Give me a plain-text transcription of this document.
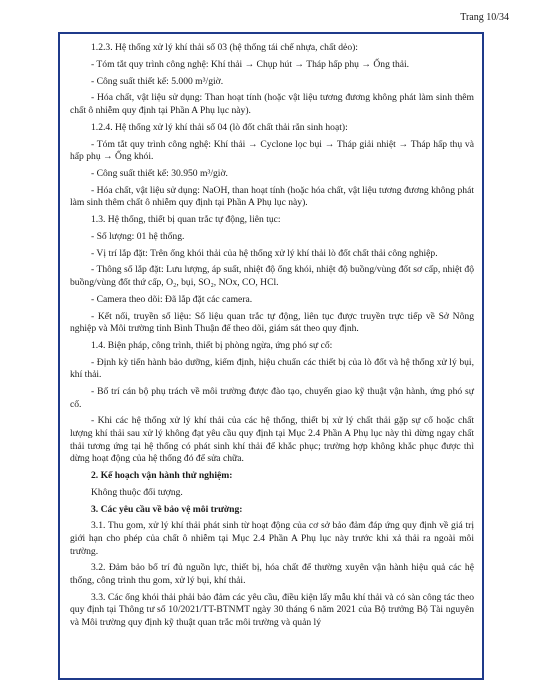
Trang 10/34

1.2.3. Hệ thống xử lý khí thải số 03 (hệ thống tái chế nhựa, chất dẻo):

- Tóm tắt quy trình công nghệ: Khí thải → Chụp hút → Tháp hấp phụ → Ống thải.

- Công suất thiết kế: 5.000 m³/giờ.

- Hóa chất, vật liệu sử dụng: Than hoạt tính (hoặc vật liệu tương đương không phát làm sinh thêm chất ô nhiễm quy định tại Phần A Phụ lục này).

1.2.4. Hệ thống xử lý khí thải số 04 (lò đốt chất thải rắn sinh hoạt):

- Tóm tắt quy trình công nghệ: Khí thải → Cyclone lọc bụi → Tháp giải nhiệt → Tháp hấp thụ và hấp phụ → Ống khói.

- Công suất thiết kế: 30.950 m³/giờ.

- Hóa chất, vật liệu sử dụng: NaOH, than hoạt tính (hoặc hóa chất, vật liệu tương đương không phát làm sinh thêm chất ô nhiễm quy định tại Phần A Phụ lục này).

1.3. Hệ thống, thiết bị quan trắc tự động, liên tục:

- Số lượng: 01 hệ thống.

- Vị trí lắp đặt: Trên ống khói thải của hệ thống xử lý khí thải lò đốt chất thải công nghiệp.

- Thông số lắp đặt: Lưu lượng, áp suất, nhiệt độ ống khói, nhiệt độ buồng/vùng đốt sơ cấp, nhiệt độ buồng/vùng đốt thứ cấp, O₂, bụi, SO₂, NOx, CO, HCl.

- Camera theo dõi: Đã lắp đặt các camera.

- Kết nối, truyền số liệu: Số liệu quan trắc tự động, liên tục được truyền trực tiếp về Sở Nông nghiệp và Môi trường tỉnh Bình Thuận để theo dõi, giám sát theo quy định.

1.4. Biện pháp, công trình, thiết bị phòng ngừa, ứng phó sự cố:

- Định kỳ tiến hành bảo dưỡng, kiểm định, hiệu chuẩn các thiết bị của lò đốt và hệ thống xử lý bụi, khí thải.

- Bố trí cán bộ phụ trách về môi trường được đào tạo, chuyển giao kỹ thuật vận hành, ứng phó sự cố.

- Khi các hệ thống xử lý khí thải của các hệ thống, thiết bị xử lý chất thải gặp sự cố hoặc chất lượng khí thải sau xử lý không đạt yêu cầu quy định tại Mục 2.4 Phần A Phụ lục này thì dừng ngay chất thải tương ứng tại hệ thống có phát sinh khí thải để khắc phục; trường hợp không khắc phục được thì dừng hoạt động của hệ thống đó để sửa chữa.

2. Kế hoạch vận hành thử nghiệm:

Không thuộc đối tượng.

3. Các yêu cầu về bảo vệ môi trường:

3.1. Thu gom, xử lý khí thải phát sinh từ hoạt động của cơ sở bảo đảm đáp ứng quy định về giá trị giới hạn cho phép của chất ô nhiễm tại Mục 2.4 Phần A Phụ lục này trước khi xả thải ra ngoài môi trường.

3.2. Đảm bảo bố trí đủ nguồn lực, thiết bị, hóa chất để thường xuyên vận hành hiệu quả các hệ thống, công trình thu gom, xử lý bụi, khí thải.

3.3. Các ống khói thải phải bảo đảm các yêu cầu, điều kiện lấy mẫu khí thải và có sàn công tác theo quy định tại Thông tư số 10/2021/TT-BTNMT ngày 30 tháng 6 năm 2021 của Bộ trưởng Bộ Tài nguyên và Môi trường quy định kỹ thuật quan trắc môi trường và quản lý
